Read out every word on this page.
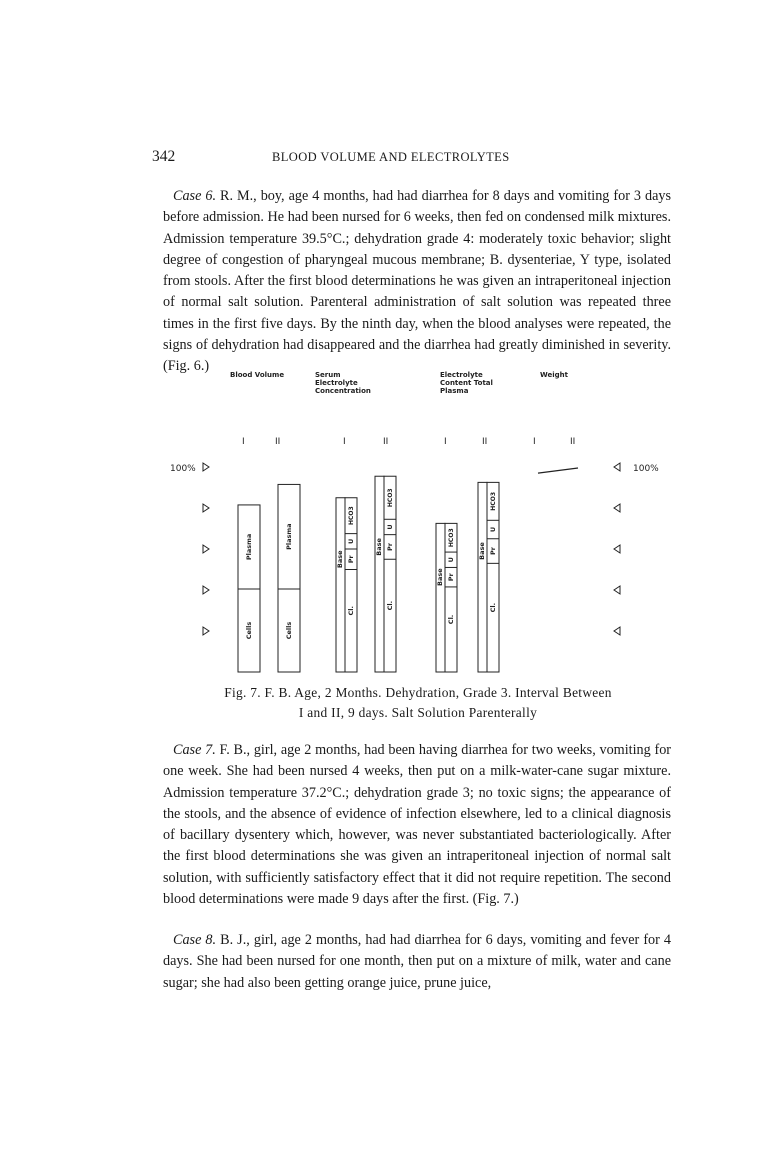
342	BLOOD VOLUME AND ELECTROLYTES

Case 6. R. M., boy, age 4 months, had had diarrhea for 8 days and vomiting for 3 days before admission. He had been nursed for 6 weeks, then fed on condensed milk mixtures. Admission temperature 39.5°C.; dehydration grade 4: moderately toxic behavior; slight degree of congestion of pharyngeal mucous membrane; B. dysenteriae, Y type, isolated from stools. After the first blood determinations he was given an intraperitoneal injection of normal salt solution. Parenteral administration of salt solution was repeated three times in the first five days. By the ninth day, when the blood analyses were repeated, the signs of dehydration had disappeared and the diarrhea had greatly diminished in severity. (Fig. 6.)

Blood Volume	Serum
Electrolyte
Concentration
Electrolyte
Content Total
Plasma
Weight
I	II	I	II	I	II	I	II
100%	100%
Plasma
Cells
Plasma
Cells
Base
Cl.
Pr
U
HCO3
Base
Cl.
Pr
U
HCO3
Base
Cl.
Pr
U
HCO3
Base
Cl.
Pr
U
HCO3
Fig. 7. F. B. Age, 2 Months. Dehydration, Grade 3. Interval Between
I and II, 9 days. Salt Solution Parenterally

Case 7. F. B., girl, age 2 months, had been having diarrhea for two weeks, vomiting for one week. She had been nursed 4 weeks, then put on a milk-water-cane sugar mixture. Admission temperature 37.2°C.; dehydration grade 3; no toxic signs; the appearance of the stools, and the absence of evidence of infection elsewhere, led to a clinical diagnosis of bacillary dysentery which, however, was never substantiated bacteriologically. After the first blood determinations she was given an intraperitoneal injection of normal salt solution, with sufficiently satisfactory effect that it did not require repetition. The second blood determinations were made 9 days after the first. (Fig. 7.)

Case 8. B. J., girl, age 2 months, had had diarrhea for 6 days, vomiting and fever for 4 days. She had been nursed for one month, then put on a mixture of milk, water and cane sugar; she had also been getting orange juice, prune juice,
